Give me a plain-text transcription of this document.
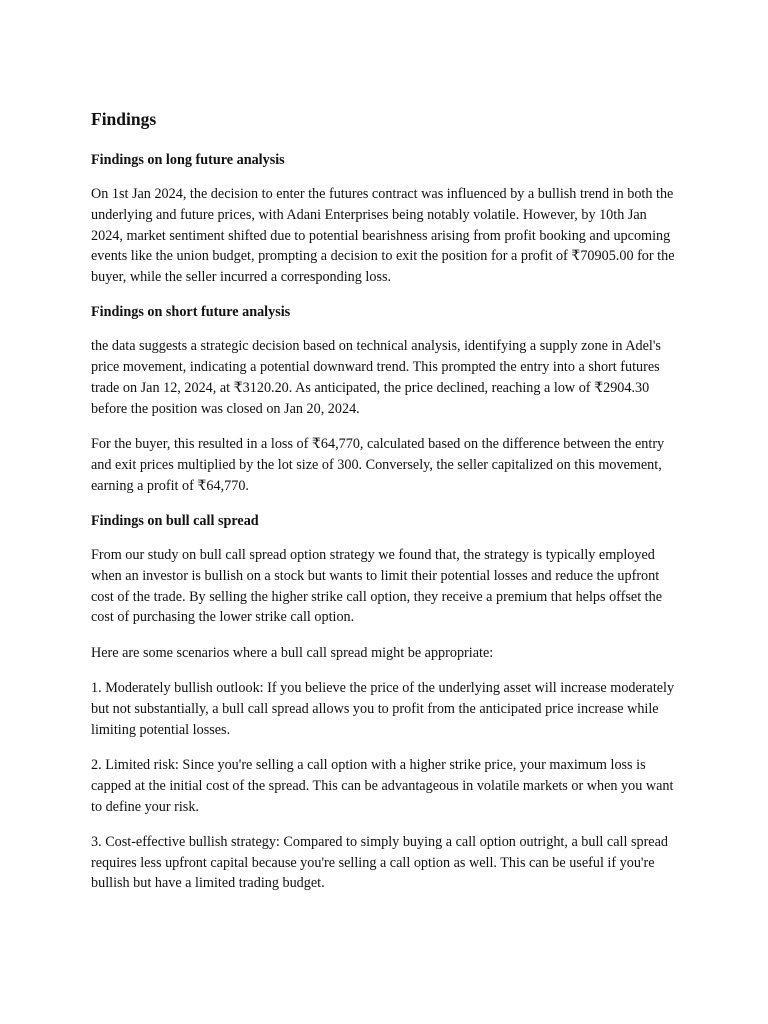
Findings
Findings on long future analysis

On 1st Jan 2024, the decision to enter the futures contract was influenced by a bullish trend in both the underlying and future prices, with Adani Enterprises being notably volatile. However, by 10th Jan 2024, market sentiment shifted due to potential bearishness arising from profit booking and upcoming events like the union budget, prompting a decision to exit the position for a profit of ₹70905.00 for the buyer, while the seller incurred a corresponding loss.

Findings on short future analysis

the data suggests a strategic decision based on technical analysis, identifying a supply zone in Adel's price movement, indicating a potential downward trend. This prompted the entry into a short futures trade on Jan 12, 2024, at ₹3120.20. As anticipated, the price declined, reaching a low of ₹2904.30 before the position was closed on Jan 20, 2024.

For the buyer, this resulted in a loss of ₹64,770, calculated based on the difference between the entry and exit prices multiplied by the lot size of 300. Conversely, the seller capitalized on this movement, earning a profit of ₹64,770.

Findings on bull call spread

From our study on bull call spread option strategy we found that, the strategy is typically employed when an investor is bullish on a stock but wants to limit their potential losses and reduce the upfront cost of the trade. By selling the higher strike call option, they receive a premium that helps offset the cost of purchasing the lower strike call option.

Here are some scenarios where a bull call spread might be appropriate:

1. Moderately bullish outlook: If you believe the price of the underlying asset will increase moderately but not substantially, a bull call spread allows you to profit from the anticipated price increase while limiting potential losses.

2. Limited risk: Since you're selling a call option with a higher strike price, your maximum loss is capped at the initial cost of the spread. This can be advantageous in volatile markets or when you want to define your risk.

3. Cost-effective bullish strategy: Compared to simply buying a call option outright, a bull call spread requires less upfront capital because you're selling a call option as well. This can be useful if you're bullish but have a limited trading budget.
